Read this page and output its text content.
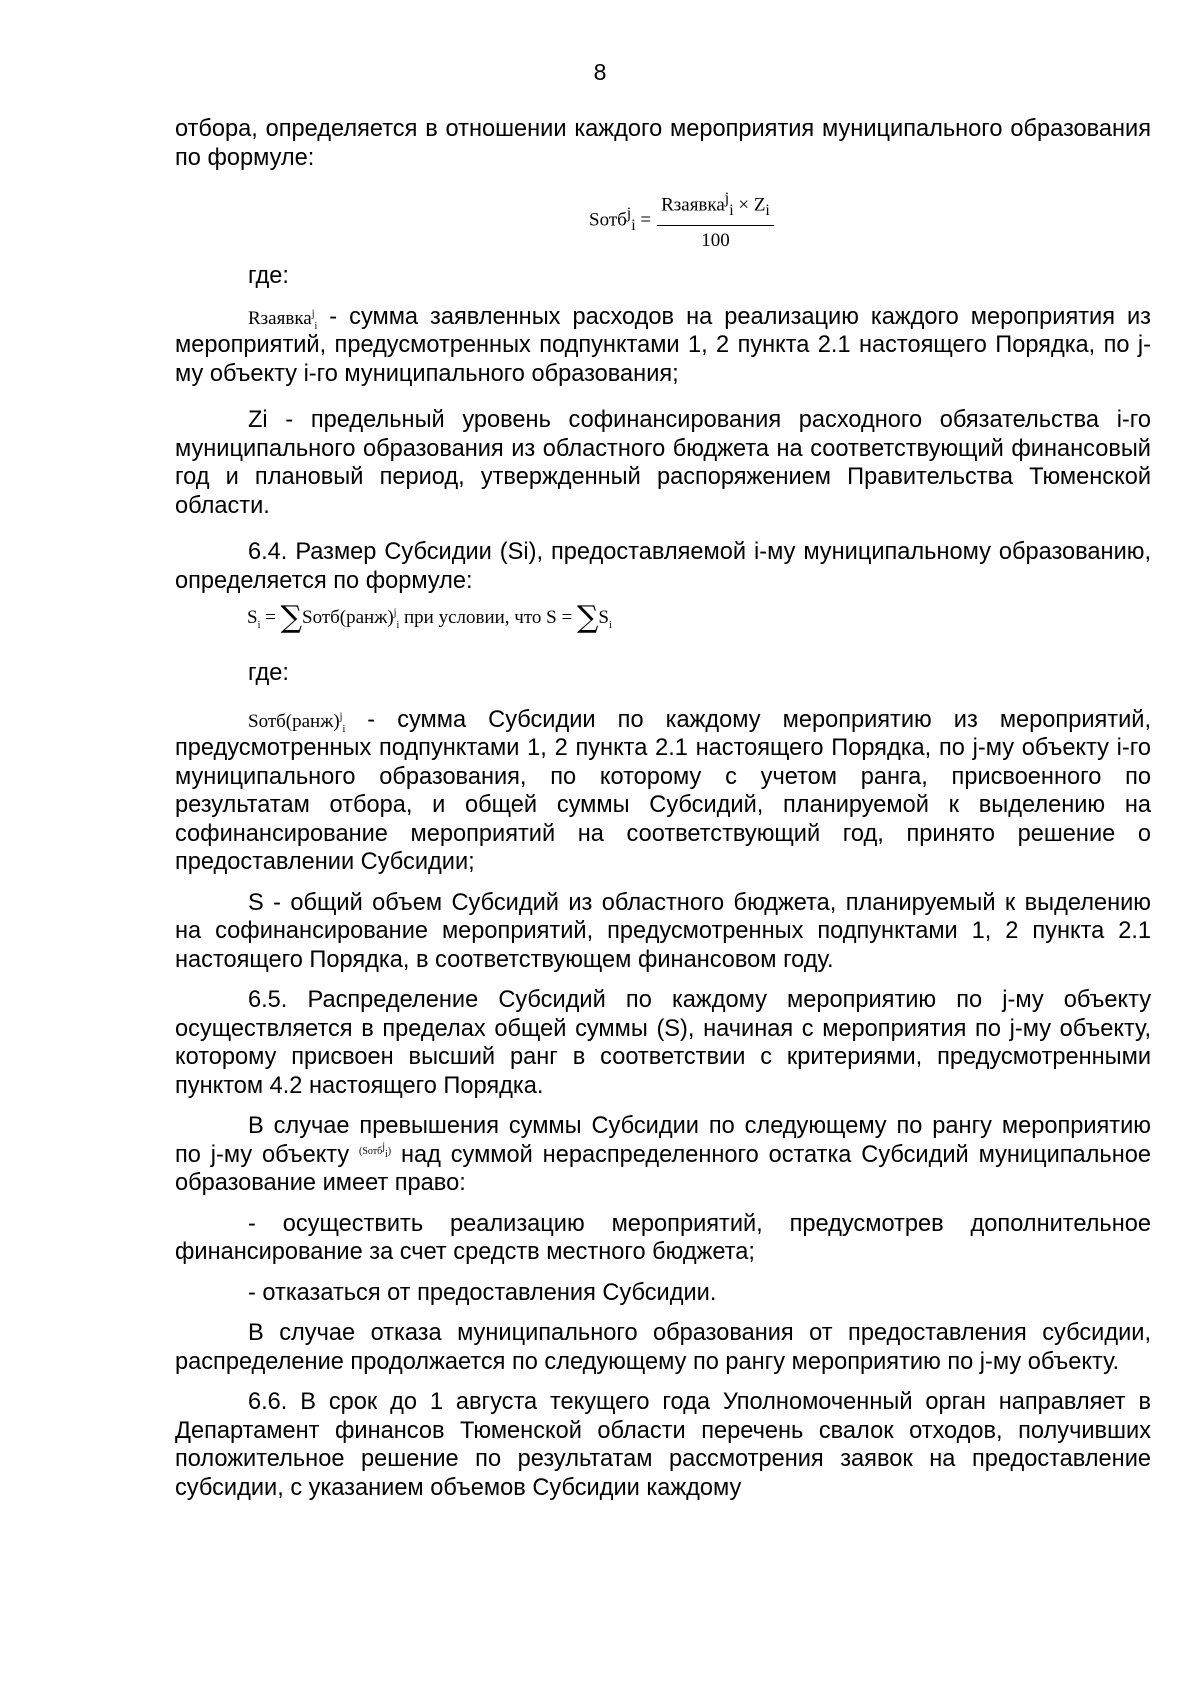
8

отбора, определяется в отношении каждого мероприятия муниципального образования по формуле:

Sотб$^j_i$ = $\frac{Rзаявка^j_i \times Z_i}{100}$

где:

Rзаявка$^j_i$ - сумма заявленных расходов на реализацию каждого мероприятия из мероприятий, предусмотренных подпунктами 1, 2 пункта 2.1 настоящего Порядка, по j-му объекту i-го муниципального образования;

Zi - предельный уровень софинансирования расходного обязательства i-го муниципального образования из областного бюджета на соответствующий финансовый год и плановый период, утвержденный распоряжением Правительства Тюменской области.

6.4. Размер Субсидии (Si), предоставляемой i-му муниципальному образованию, определяется по формуле:

$S_i$ = ∑Sотб(ранж)$^j_i$ при условии, что $S = \sum S_i$

где:

Sотб(ранж)$^j_i$ - сумма Субсидии по каждому мероприятию из мероприятий, предусмотренных подпунктами 1, 2 пункта 2.1 настоящего Порядка, по j-му объекту i-го муниципального образования, по которому с учетом ранга, присвоенного по результатам отбора, и общей суммы Субсидий, планируемой к выделению на софинансирование мероприятий на соответствующий год, принято решение о предоставлении Субсидии;

S - общий объем Субсидий из областного бюджета, планируемый к выделению на софинансирование мероприятий, предусмотренных подпунктами 1, 2 пункта 2.1 настоящего Порядка, в соответствующем финансовом году.

6.5. Распределение Субсидий по каждому мероприятию по j-му объекту осуществляется в пределах общей суммы (S), начиная с мероприятия по j-му объекту, которому присвоен высший ранг в соответствии с критериями, предусмотренными пунктом 4.2 настоящего Порядка.

В случае превышения суммы Субсидии по следующему по рангу мероприятию по j-му объекту $^{(Sотб^j_i)}$ над суммой нераспределенного остатка Субсидий муниципальное образование имеет право:

- осуществить реализацию мероприятий, предусмотрев дополнительное финансирование за счет средств местного бюджета;

- отказаться от предоставления Субсидии.

В случае отказа муниципального образования от предоставления субсидии, распределение продолжается по следующему по рангу мероприятию по j-му объекту.

6.6. В срок до 1 августа текущего года Уполномоченный орган направляет в Департамент финансов Тюменской области перечень свалок отходов, получивших положительное решение по результатам рассмотрения заявок на предоставление субсидии, с указанием объемов Субсидии каждому
